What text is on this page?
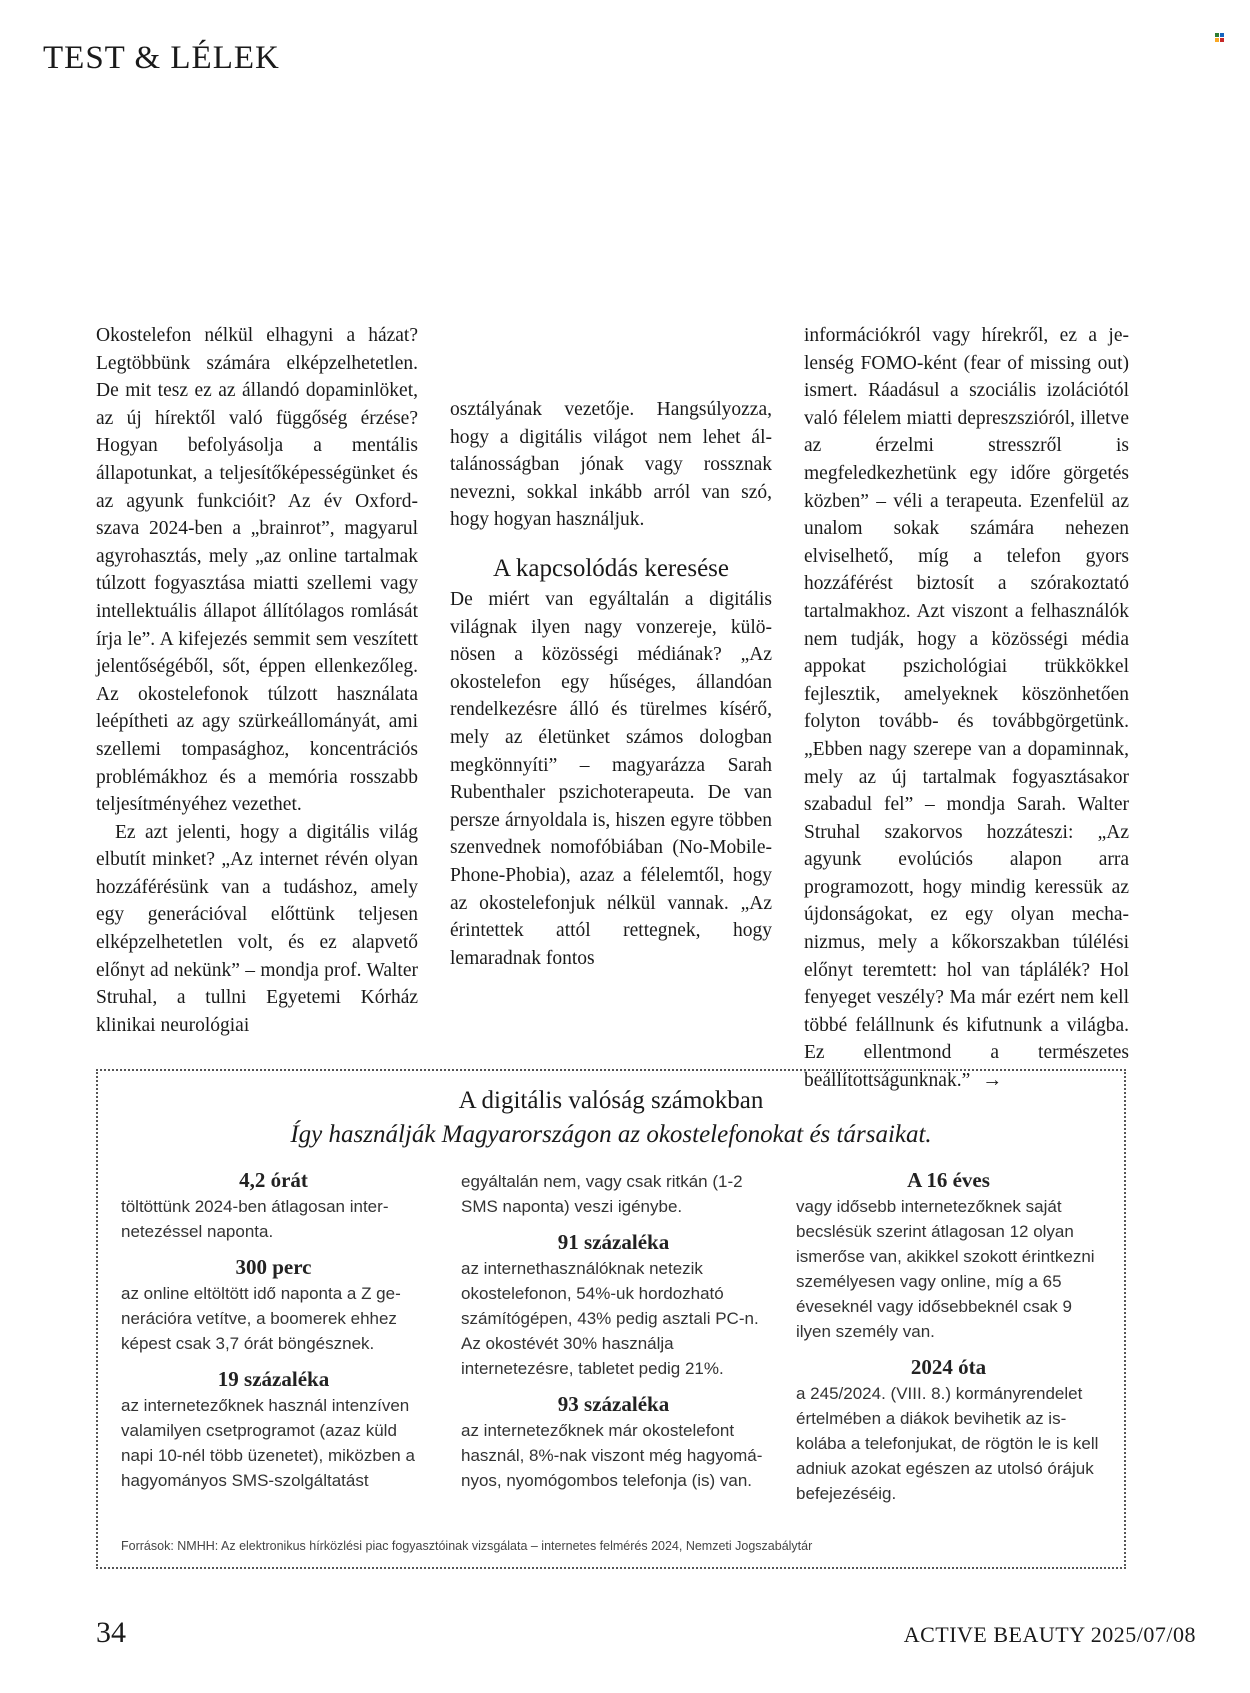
TEST & LÉLEK

Okostelefon nélkül elhagyni a házat? Legtöbbünk számára elképzelhetetlen. De mit tesz ez az állandó dopaminlöket, az új hírektől való függőség érzése? Hogyan befolyásolja a mentális állapotunkat, a teljesítőképességünket és az agyunk funkcióit? Az év Oxford-szava 2024-ben a „brainrot”, magyarul agyrohasztás, mely „az online tartalmak túlzott fogyasztása miatti szellemi vagy intellektuális állapot állítólagos romlását írja le”. A kifejezés semmit sem veszített jelentőségéből, sőt, éppen ellenkezőleg. Az okostelefonok túlzott használata leépítheti az agy szürkeállományát, ami szellemi tompasághoz, koncentrációs problémákhoz és a memória rosszabb teljesítményéhez vezethet.

Ez azt jelenti, hogy a digitális világ elbutít minket? „Az internet révén olyan hozzáférésünk van a tudáshoz, amely egy generációval előttünk teljesen elképzelhetetlen volt, és ez alapvető előnyt ad nekünk” – mondja prof. Walter Struhal, a tullni Egyetemi Kórház klinikai neurológiai

osztályának vezetője. Hangsúlyozza, hogy a digitális világot nem lehet általánosságban jónak vagy rossznak nevezni, sokkal inkább arról van szó, hogy hogyan használjuk.

A kapcsolódás keresése

De miért van egyáltalán a digitális világnak ilyen nagy vonzereje, különösen a közösségi médiának? „Az okostelefon egy hűséges, állandóan rendelkezésre álló és türelmes kísérő, mely az életünket számos dologban megkönnyíti” – magyarázza Sarah Rubenthaler pszichoterapeuta. De van persze árnyoldala is, hiszen egyre többen szenvednek nomofóbiában (No-Mobile-Phone-Phobia), azaz a félelemtől, hogy az okostelefonjuk nélkül vannak. „Az érintettek attól rettegnek, hogy lemaradnak fontos

információkról vagy hírekről, ez a jelenség FOMO-ként (fear of missing out) ismert. Ráadásul a szociális izolációtól való félelem miatti depreszszióról, illetve az érzelmi stresszről is megfeledkezhetünk egy időre görgetés közben” – véli a terapeuta. Ezenfelül az unalom sokak számára nehezen elviselhető, míg a telefon gyors hozzáférést biztosít a szórakoztató tartalmakhoz. Azt viszont a felhasználók nem tudják, hogy a közösségi média appokat pszichológiai trükkökkel fejlesztik, amelyeknek köszönhetően folyton tovább- és továbbgörgetünk. „Ebben nagy szerepe van a dopaminnak, mely az új tartalmak fogyasztásakor szabadul fel” – mondja Sarah. Walter Struhal szakorvos hozzáteszi: „Az agyunk evolúciós alapon arra programozott, hogy mindig keressük az újdonságokat, ez egy olyan mechanizmus, mely a kőkorszakban túlélési előnyt teremtett: hol van táplálék? Hol fenyeget veszély? Ma már ezért nem kell többé felállnunk és kifutnunk a világba. Ez ellentmond a természetes beállítottságunknak.” →

A digitális valóság számokban
Így használják Magyarországon az okostelefonokat és társaikat.
4,2 órát

töltöttünk 2024-ben átlagosan internetezéssel naponta.

300 perc

az online eltöltött idő naponta a Z generációra vetítve, a boomerek ehhez képest csak 3,7 órát böngésznek.

19 százaléka

az internetezőknek használ intenzíven valamilyen csetprogramot (azaz küld napi 10-nél több üzenetet), miközben a hagyományos SMS-szolgáltatást

egyáltalán nem, vagy csak ritkán (1-2 SMS naponta) veszi igénybe.

91 százaléka

az internethasználóknak netezik okostelefonon, 54%-uk hordozható számítógépen, 43% pedig asztali PC-n. Az okostévét 30% használja internetezésre, tabletet pedig 21%.

93 százaléka

az internetezőknek már okostelefont használ, 8%-nak viszont még hagyományos, nyomógombos telefonja (is) van.

A 16 éves

vagy idősebb internetezőknek saját becslésük szerint átlagosan 12 olyan ismerőse van, akikkel szokott érintkezni személyesen vagy online, míg a 65 éveseknél vagy idősebbeknél csak 9 ilyen személy van.

2024 óta

a 245/2024. (VIII. 8.) kormányrendelet értelmében a diákok bevihetik az iskolába a telefonjukat, de rögtön le is kell adniuk azokat egészen az utolsó órájuk befejezéséig.

Források: NMHH: Az elektronikus hírközlési piac fogyasztóinak vizsgálata – internetes felmérés 2024, Nemzeti Jogszabálytár
34	ACTIVE BEAUTY 2025/07/08
